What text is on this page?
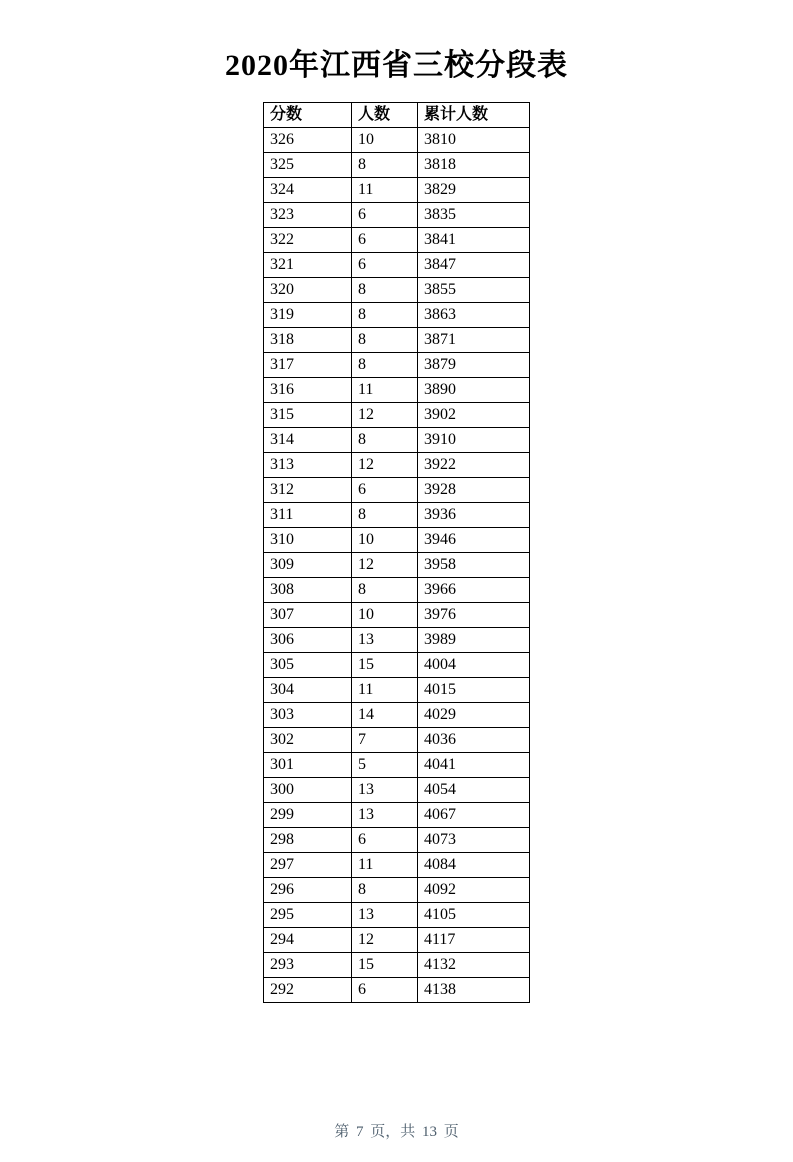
2020年江西省三校分段表
分数	人数	累计人数
326	10	3810
325	8	3818
324	11	3829
323	6	3835
322	6	3841
321	6	3847
320	8	3855
319	8	3863
318	8	3871
317	8	3879
316	11	3890
315	12	3902
314	8	3910
313	12	3922
312	6	3928
311	8	3936
310	10	3946
309	12	3958
308	8	3966
307	10	3976
306	13	3989
305	15	4004
304	11	4015
303	14	4029
302	7	4036
301	5	4041
300	13	4054
299	13	4067
298	6	4073
297	11	4084
296	8	4092
295	13	4105
294	12	4117
293	15	4132
292	6	4138
第 7 页，共 13 页
